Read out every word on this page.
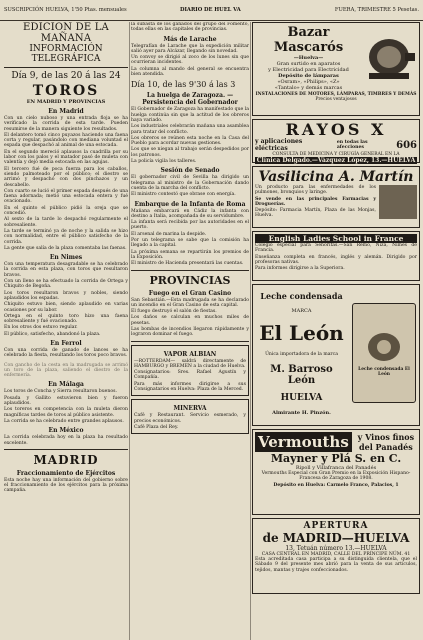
SUSCRIPCIÓN HUELVA, 1'50 Ptas. mensuales	DIARIO DE HUEL VA	FUERA, TRIMESTRE 5 Pesetas.
EDICIÓN DE LA MAÑANA
INFORMACIÓN TELEGRÁFICA
Día 9, de las 20 á las 24
TOROS
EN MADRID Y PROVINCIAS
En Madrid

Con un cielo nuboso y una entrada floja se ha verificado la corrida de esta tarde. Pueden resumirse de la manera siguiente los resultados.

El delantero tomó cinco puyazos haciendo una faena corta y regular, pasándolo con mediana voluntad el espada que despachó al animal de una estocada.

En el segundo mereció aplausos la cuadrilla por su labor con los palos y el matador pasó de muleta con valentía y dejó media estocada en las agujas.

El tercero fué de poca fuerza para los caballos, siendo palmoteado por el público; el diestro se arrimó y despachó con dos pinchazos y un descabello.

Con cuarto se lució el primer espada después de una faena adornada; metió una estocada entera y fué ovacionado.

En el quinto el público pidió la oreja que se concedió.

Al sexto de la tarde lo despachó regularmente el sobresaliente.

La tarde se terminó ya de noche y la salida se hizo con normalidad, entre el público satisfecho de la corrida.

La gente que salía de la plaza comentaba las faenas.

En Nimes

Con una temperatura desagradable se ha celebrado la corrida en esta plaza, con toros que resultaron bravos.

Con un lleno se ha efectuado la corrida de Ortega y Chiquito de Begoña.

Los toros resultaron bravos y nobles, siendo aplaudidos los espadas.

Chiquito estuvo bien, siendo aplaudido en varias ocasiones por su labor.

Ortega en el quinto toro hizo una faena sobresaliente y fué ovacionado.

En los otros dos estuvo regular.

El público, satisfecho, abandonó la plaza.

En Ferrol

Con una corrida de ganado de lances se ha celebrado la fiesta, resultando los toros poco bravos.

Con gancho de la cesta en la madrugada se arrimó un toro de la plaza, saliendo el diestro de la enfermería.

En Málaga

Los toros de Concha y Sierra resultaron buenos.

Posada y Gallito estuvieron bien y fueron aplaudidos.

Los toreros en competencia con la muleta dieron magníficas tardes de toros al público asistente.

La corrida se ha celebrado entre grandes aplausos.

En México

La corrida celebrada hoy en la plaza ha resultado excelente.

MADRID
Fraccionamiento de Ejércitos

Esta noche hay una información del gobierno sobre el fraccionamiento de los ejércitos para la próxima campaña.

la subasta de los ganados del grupo del Fomento, todas ellas en las capitales de provincias.

Más de Larache

Telegrafían de Larache que la expedición militar salió ayer para Alcázar, llegando sin novedad.

Un convoy se dirigió al zoco de los lunes sin que ocurrieran incidentes.

La columna al mando del general se encuentra bien atendida.

Día 10, de las 9'30 á las 3
La huelga de Zaragoza. — Persistencia del Gobernador

El Gobernador de Zaragoza ha manifestado que la huelga continúa sin que la actitud de los obreros haya variado.

Los industriales celebrarán mañana una asamblea para tratar del conflicto.

Los obreros se reúnen esta noche en la Casa del Pueblo para acordar nuevas gestiones.

Los que se niegan al trabajo serán despedidos por los patronos.

La policía vigila los talleres.

Sesión de Senado

El gobernador civil de Sevilla ha dirigido un telegrama al ministro de la Gobernación dando cuenta de la marcha del conflicto.

El ministro contestó que obrase con energía.

Embarque de la Infanta de Roma

Mañana embarcará en Cádiz la infanta con destino a Italia, acompañada de su servidumbre.

La infanta será recibida por las autoridades en el puerto.

El arsenal de marina la despide.

Por un telegrama se sabe que la comisión ha llegado a la capital.

La próxima semana se repartirán los premios de la Exposición.

El ministro de Hacienda presentará las cuentas.

PROVINCIAS
Fuego en el Gran Casino

San Sebastián.—Esta madrugada se ha declarado un incendio en el Gran Casino de esta capital.

El fuego destruyó el salón de fiestas.

Los daños se calculan en muchos miles de pesetas.

Las bombas de incendios llegaron rápidamente y lograron dominar el fuego.

VAPOR ALBIAN

—ROTTERDAM— saldrá directamente de HAMBURGO y BREMEN a la ciudad de Huelva.

Consignatarios: Sres. Rafael Agustín y Compañía.

Para más informes dirigirse a sus Consignatarios en Huelva: Plaza de la Merced.

MINERVA

Café y Restaurant. Servicio esmerado, y precios económicos.

Café Plaza del Rey.

Bazar Mascarós
—Huelva—
Gran surtido en aparatos
y Electricidad para Electricidad
Depósito de lámparas
«Osram», «Philips», «Z»
«Tantalo» y demás marcas
INSTALACIONES DE MOTORES, LÁMPARAS, TIMBRES Y DEMÁS
Precios ventajosos
RAYOS X
y aplicaciones eléctricas
en todas las afecciones	606
CONSULTA DE MEDICINA Y CIRUGÍA GENERAL EN LA
Clínica Delgado.—Vázquez López, 13.—HUELVA
Vasilicina A. Martín

Un producto para las enfermedades de los pulmones, bronquios y laringe.

Se vende en las principales Farmacias y Droguerías.

Depósito: Farmacia Martín, Plaza de las Monjas, Huelva.

English Ladies School in France

Colegio especial para Señoritas.—San Remo, Niza, Nimes de Francia.

Enseñanza completa en francés, inglés y alemán. Dirigido por profesoras nativas.

Para informes dirigirse a la Superiora.

Leche condensada
MARCA
El León
Única importadora de la marca
M. Barroso León
HUELVA
Almirante H. Pinzón.
Leche condensada El León
Vermouths	y Vinos finos del Panadés
Mayner y Plá S. en C.
Ripoll y Villafranca del Panadés

Vermouths Especial con Gran Premio en la Exposición Hispano-Francesa de Zaragoza de 1908.

Depósito en Huelva: Carmelo Franco, Palacios, 1

APERTURA
de MADRID—HUELVA
13, Tetuán número 13.—HUELVA
CASA CENTRAL EN MADRID, CALLE DEL PRÍNCIPE NÚM. 41

Esta acreditada casa participa a su distinguida clientela, que el Sábado 9 del presente mes abrió para la venta de sus artículos, tejidos, mantas y trajes confeccionados.
